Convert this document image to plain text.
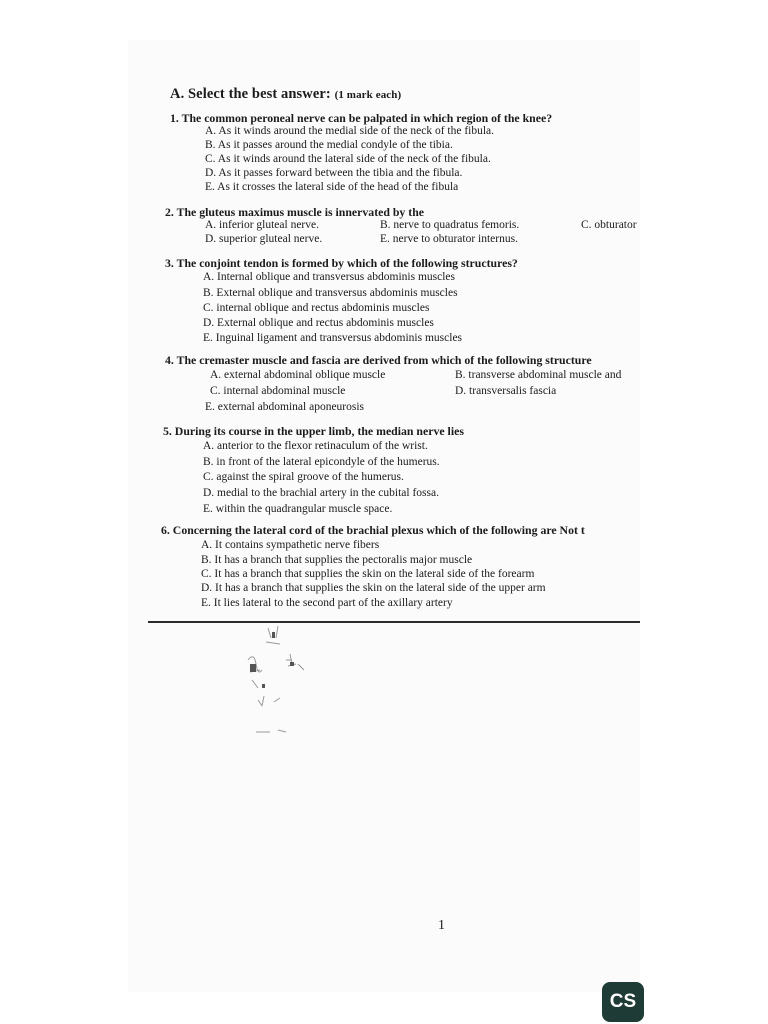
A. Select the best answer: (1 mark each)
1. The common peroneal nerve can be palpated in which region of the knee?
A. As it winds around the medial side of the neck of the fibula.
B. As it passes around the medial condyle of the tibia.
C. As it winds around the lateral side of the neck of the fibula.
D. As it passes forward between the tibia and the fibula.
E. As it crosses the lateral side of the head of the fibula
2. The gluteus maximus muscle is innervated by the
A. inferior gluteal nerve.	B. nerve to quadratus femoris.	C. obturator
D. superior gluteal nerve.	E. nerve to obturator internus.
3. The conjoint tendon is formed by which of the following structures?
A. Internal oblique and transversus abdominis muscles
B. External oblique and transversus abdominis muscles
C. internal oblique and rectus abdominis muscles
D. External oblique and rectus abdominis muscles
E. Inguinal ligament and transversus abdominis muscles
4. The cremaster muscle and fascia are derived from which of the following structure
A. external abdominal oblique muscle	B. transverse abdominal muscle and
C. internal abdominal muscle	D. transversalis fascia
E. external abdominal aponeurosis
5. During its course in the upper limb, the median nerve lies
A. anterior to the flexor retinaculum of the wrist.
B. in front of the lateral epicondyle of the humerus.
C. against the spiral groove of the humerus.
D. medial to the brachial artery in the cubital fossa.
E. within the quadrangular muscle space.
6. Concerning the lateral cord of the brachial plexus which of the following are Not t
A. It contains sympathetic nerve fibers
B. It has a branch that supplies the pectoralis major muscle
C. It has a branch that supplies the skin on the lateral side of the forearm
D. It has a branch that supplies the skin on the lateral side of the upper arm
E. It lies lateral to the second part of the axillary artery
1
CS
